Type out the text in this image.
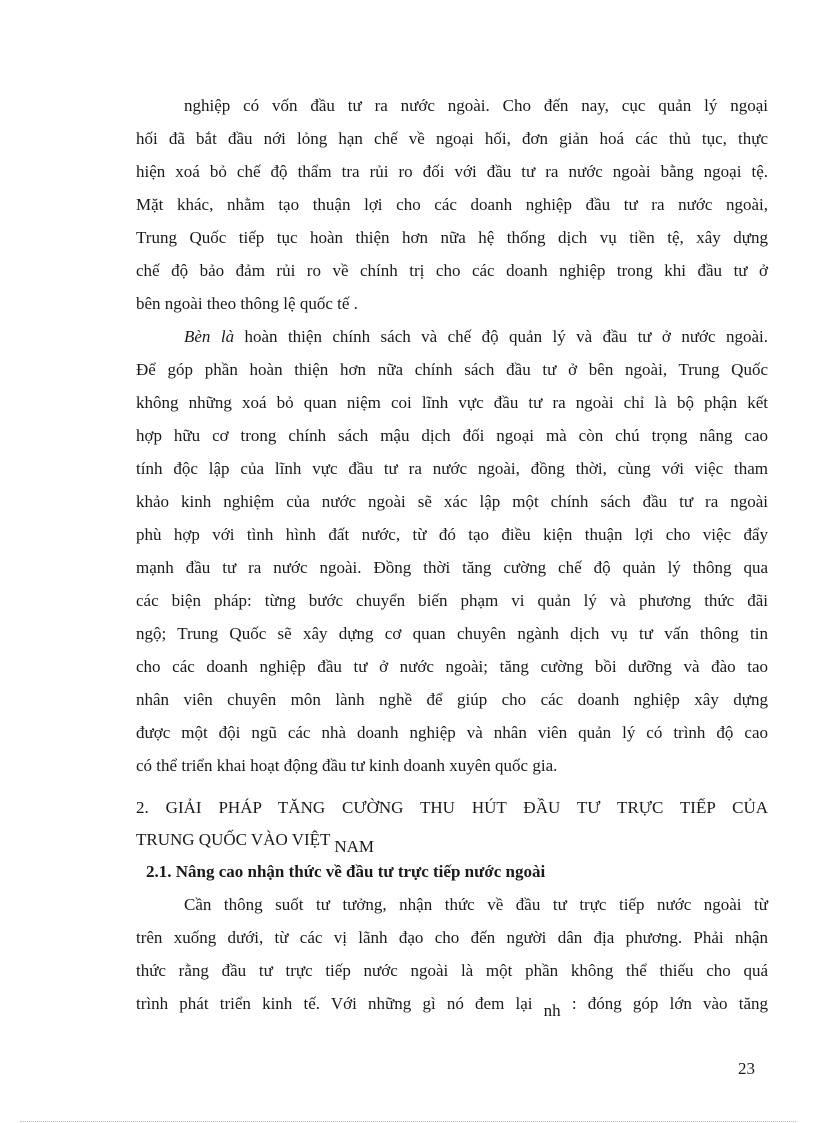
nghiệp có vốn đầu tư ra nước ngoài. Cho đến nay, cục quản lý ngoại
hối đã bắt đầu nới lỏng hạn chế về ngoại hối, đơn giản hoá các thủ tục, thực
hiện xoá bỏ chế độ thẩm tra rủi ro đối với đầu tư ra nước ngoài bằng ngoại tệ.
Mặt khác, nhằm tạo thuận lợi cho các doanh nghiệp đầu tư ra nước ngoài,
Trung Quốc tiếp tục hoàn thiện hơn nữa hệ thống dịch vụ tiền tệ, xây dựng
chế độ bảo đảm rủi ro về chính trị cho các doanh nghiệp trong khi đầu tư ở
bên ngoài theo thông lệ quốc tế .
Bèn là hoàn thiện chính sách và chế độ quản lý và đầu tư ở nước ngoài.
Để góp phần hoàn thiện hơn nữa chính sách đầu tư ở bên ngoài, Trung Quốc
không những xoá bỏ quan niệm coi lĩnh vực đầu tư ra ngoài chỉ là bộ phận kết
hợp hữu cơ trong chính sách mậu dịch đối ngoại mà còn chú trọng nâng cao
tính độc lập của lĩnh vực đầu tư ra nước ngoài, đồng thời, cùng với việc tham
khảo kinh nghiệm của nước ngoài sẽ xác lập một chính sách đầu tư ra ngoài
phù hợp với tình hình đất nước, từ đó tạo điều kiện thuận lợi cho việc đẩy
mạnh đầu tư ra nước ngoài. Đồng thời tăng cường chế độ quản lý thông qua
các biện pháp: từng bước chuyển biến phạm vi quản lý và phương thức đãi
ngộ; Trung Quốc sẽ xây dựng cơ quan chuyên ngành dịch vụ tư vấn thông tin
cho các doanh nghiệp đầu tư ở nước ngoài; tăng cường bồi dưỡng và đào tao
nhân viên chuyên môn lành nghề để giúp cho các doanh nghiệp xây dựng
được một đội ngũ các nhà doanh nghiệp và nhân viên quản lý có trình độ cao
có thể triển khai hoạt động đầu tư kinh doanh xuyên quốc gia.
2. GIẢI PHÁP TĂNG CƯỜNG THU HÚT ĐẦU TƯ TRỰC TIẾP CỦA
TRUNG QUỐC VÀO VIỆT NAM
2.1. Nâng cao nhận thức về đầu tư trực tiếp nước ngoài
Cần thông suốt tư tưởng, nhận thức về đầu tư trực tiếp nước ngoài từ
trên xuống dưới, từ các vị lãnh đạo cho đến người dân địa phương. Phải nhận
thức rằng đầu tư trực tiếp nước ngoài là một phần không thể thiếu cho quá
trình phát triển kinh tế. Với những gì nó đem lại nh : đóng góp lớn vào tăng
23
